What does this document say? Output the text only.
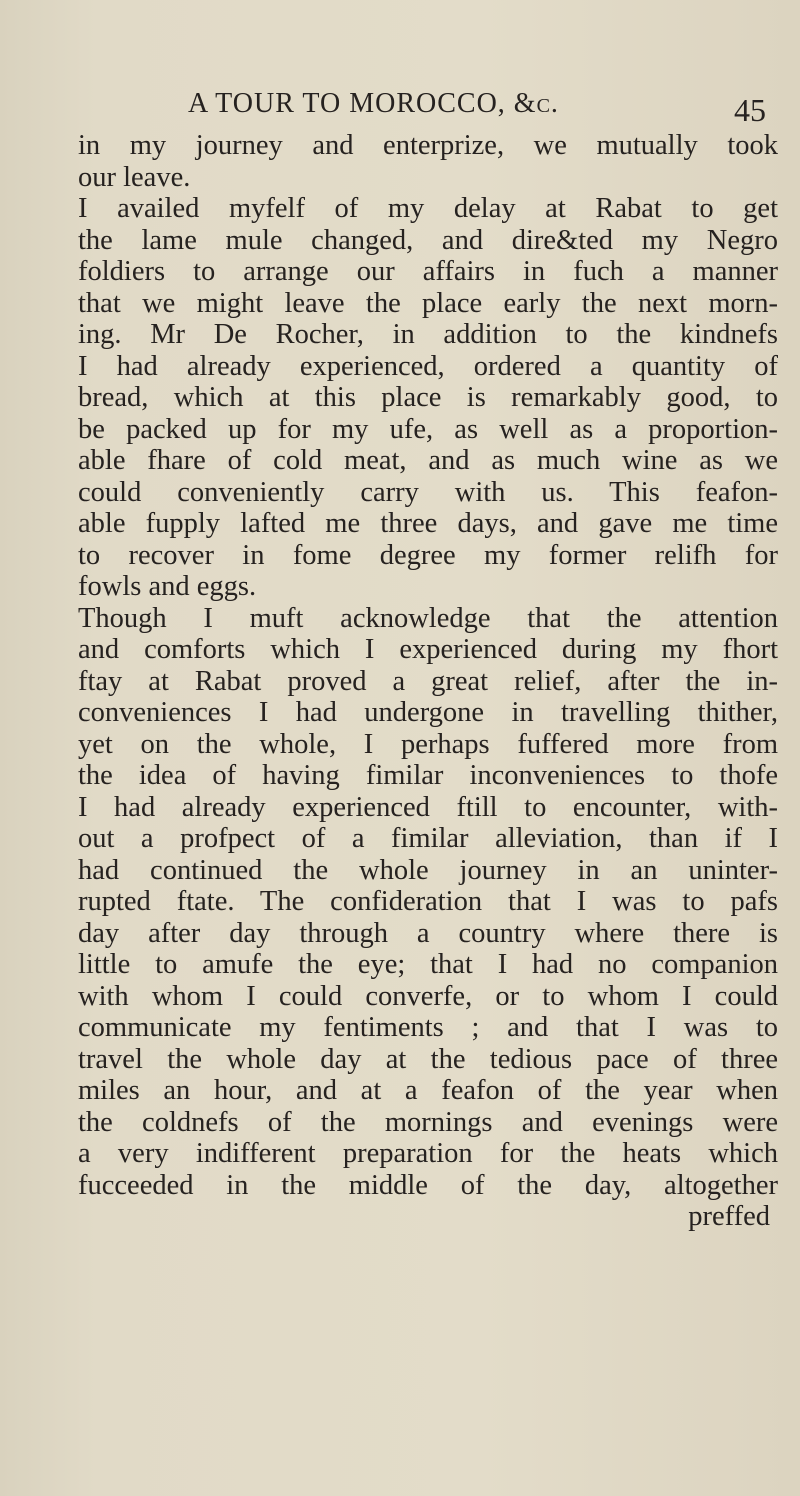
A TOUR TO MOROCCO, &c.	45
in my journey and enterprize, we mutually took
our leave.
I availed myfelf of my delay at Rabat to get
the lame mule changed, and dire&ted my Negro
foldiers to arrange our affairs in fuch a manner
that we might leave the place early the next morn-
ing. Mr De Rocher, in addition to the kindnefs
I had already experienced, ordered a quantity of
bread, which at this place is remarkably good, to
be packed up for my ufe, as well as a proportion-
able fhare of cold meat, and as much wine as we
could conveniently carry with us. This feafon-
able fupply lafted me three days, and gave me time
to recover in fome degree my former relifh for
fowls and eggs.
Though I muft acknowledge that the attention
and comforts which I experienced during my fhort
ftay at Rabat proved a great relief, after the in-
conveniences I had undergone in travelling thither,
yet on the whole, I perhaps fuffered more from
the idea of having fimilar inconveniences to thofe
I had already experienced ftill to encounter, with-
out a profpect of a fimilar alleviation, than if I
had continued the whole journey in an uninter-
rupted ftate. The confideration that I was to pafs
day after day through a country where there is
little to amufe the eye; that I had no companion
with whom I could converfe, or to whom I could
communicate my fentiments ; and that I was to
travel the whole day at the tedious pace of three
miles an hour, and at a feafon of the year when
the coldnefs of the mornings and evenings were
a very indifferent preparation for the heats which
fucceeded in the middle of the day, altogether
preffed
